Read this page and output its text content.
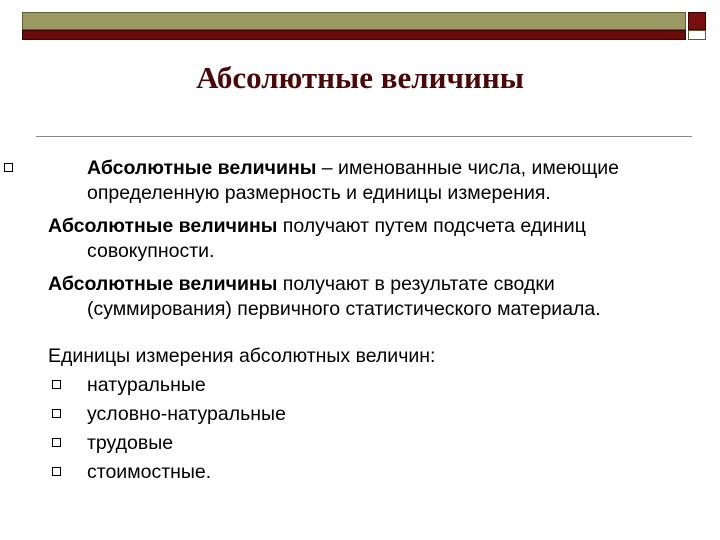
Абсолютные величины
Абсолютные величины – именованные числа, имеющие определенную размерность и единицы измерения.
Абсолютные величины получают путем подсчета единиц совокупности.
Абсолютные величины получают в результате сводки (суммирования) первичного статистического материала.
Единицы измерения абсолютных величин:
натуральные
условно-натуральные
трудовые
стоимостные.
